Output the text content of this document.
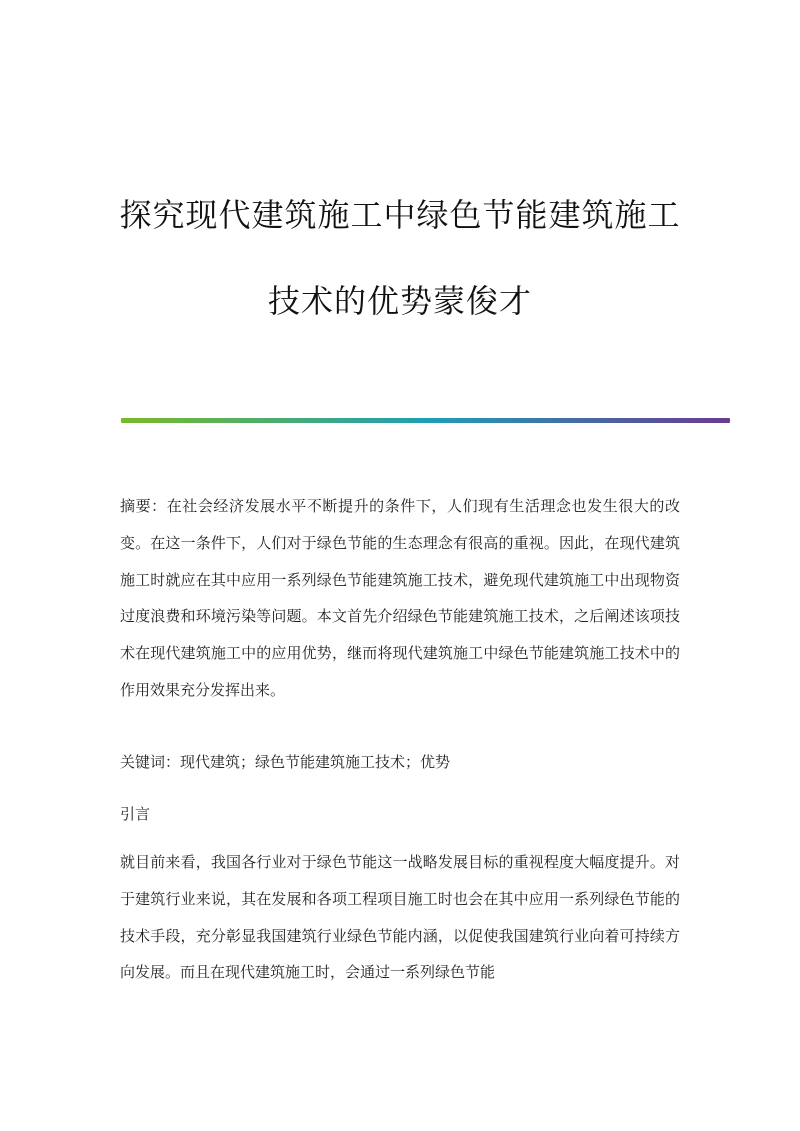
探究现代建筑施工中绿色节能建筑施工
技术的优势蒙俊才
摘要：在社会经济发展水平不断提升的条件下，人们现有生活理念也发生很大的改变。在这一条件下，人们对于绿色节能的生态理念有很高的重视。因此，在现代建筑施工时就应在其中应用一系列绿色节能建筑施工技术，避免现代建筑施工中出现物资过度浪费和环境污染等问题。本文首先介绍绿色节能建筑施工技术，之后阐述该项技术在现代建筑施工中的应用优势，继而将现代建筑施工中绿色节能建筑施工技术中的作用效果充分发挥出来。
关键词：现代建筑；绿色节能建筑施工技术；优势
引言
就目前来看，我国各行业对于绿色节能这一战略发展目标的重视程度大幅度提升。对于建筑行业来说，其在发展和各项工程项目施工时也会在其中应用一系列绿色节能的技术手段，充分彰显我国建筑行业绿色节能内涵，以促使我国建筑行业向着可持续方向发展。而且在现代建筑施工时，会通过一系列绿色节能
